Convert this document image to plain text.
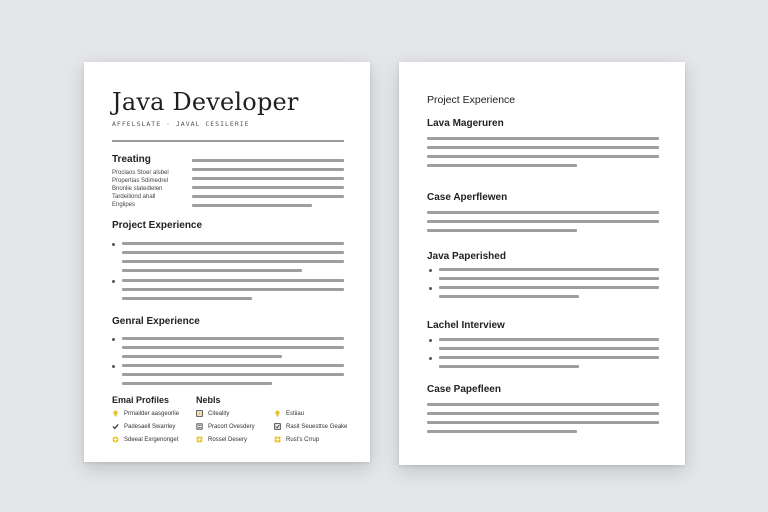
Java Developer
AFFELSLATE · JAVAL CESILERIE
Treating
Proclaos Stoer alsbel
Propertias Sdimedrel
Bnonlie slatedlelen
Tardeiliond ahall
Englipes
Project Experience
Genral Experience
Emai Profiles	Nebls
Prmailder aasgeorlie
Padesaell Swarrley
Sdeeal Exrgenonget
Citeality
Pracort Ovesdery
Rossel Desery
Estiiau
Rasit Seuesttse Geake
Rust's Crrup
Project Experience
Lava Mageruren
Case Aperflewen
Java Paperished
Lachel Interview
Case Papefleen
